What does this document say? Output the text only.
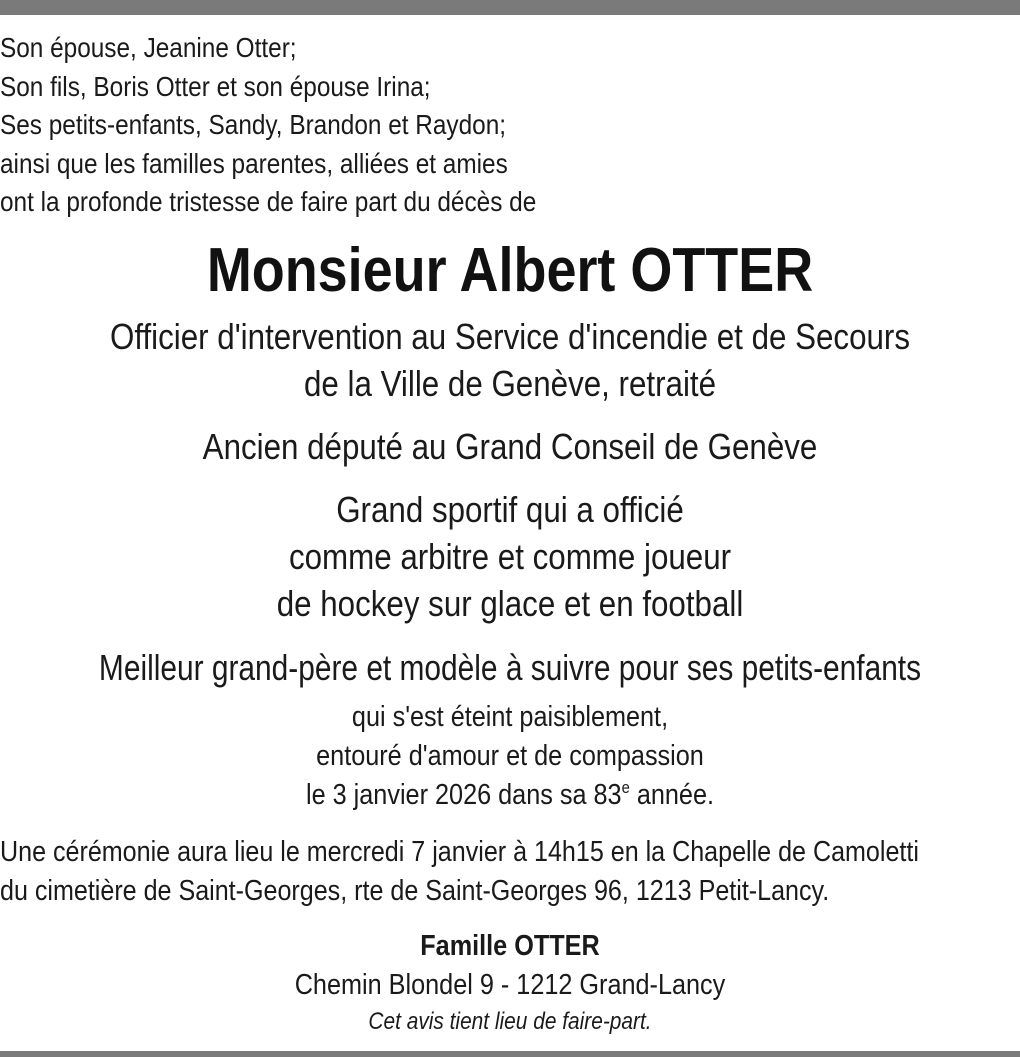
Son épouse, Jeanine Otter;
Son fils, Boris Otter et son épouse Irina;
Ses petits-enfants, Sandy, Brandon et Raydon;
ainsi que les familles parentes, alliées et amies
ont la profonde tristesse de faire part du décès de
Monsieur Albert OTTER
Officier d'intervention au Service d'incendie et de Secours
de la Ville de Genève, retraité
Ancien député au Grand Conseil de Genève
Grand sportif qui a officié
comme arbitre et comme joueur
de hockey sur glace et en football
Meilleur grand-père et modèle à suivre pour ses petits-enfants
qui s'est éteint paisiblement,
entouré d'amour et de compassion
le 3 janvier 2026 dans sa 83e année.
Une cérémonie aura lieu le mercredi 7 janvier à 14h15 en la Chapelle de Camoletti
du cimetière de Saint-Georges, rte de Saint-Georges 96, 1213 Petit-Lancy.
Famille OTTER
Chemin Blondel 9 - 1212 Grand-Lancy
Cet avis tient lieu de faire-part.
